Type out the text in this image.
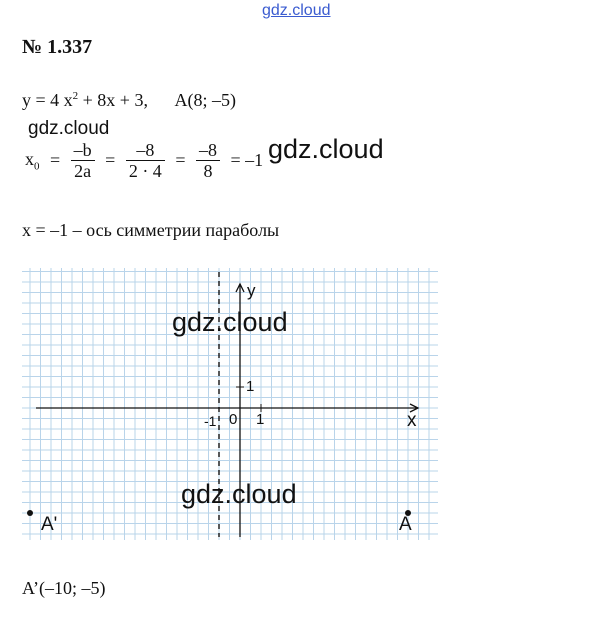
gdz.cloud
gdz.cloud
№ 1.337
y = 4 $x^2 + 8x + 3$, A(8; –5)
$x_0 = \frac{-b}{2a} = \frac{-8}{2 \cdot 4} = \frac{-8}{8} = -1$ gdz.cloud
x = –1 – ось симметрии параболы
gdz.cloud
gdz.cloud
y
x
1
1
0
-1
A'	A
A’(–10; –5)
